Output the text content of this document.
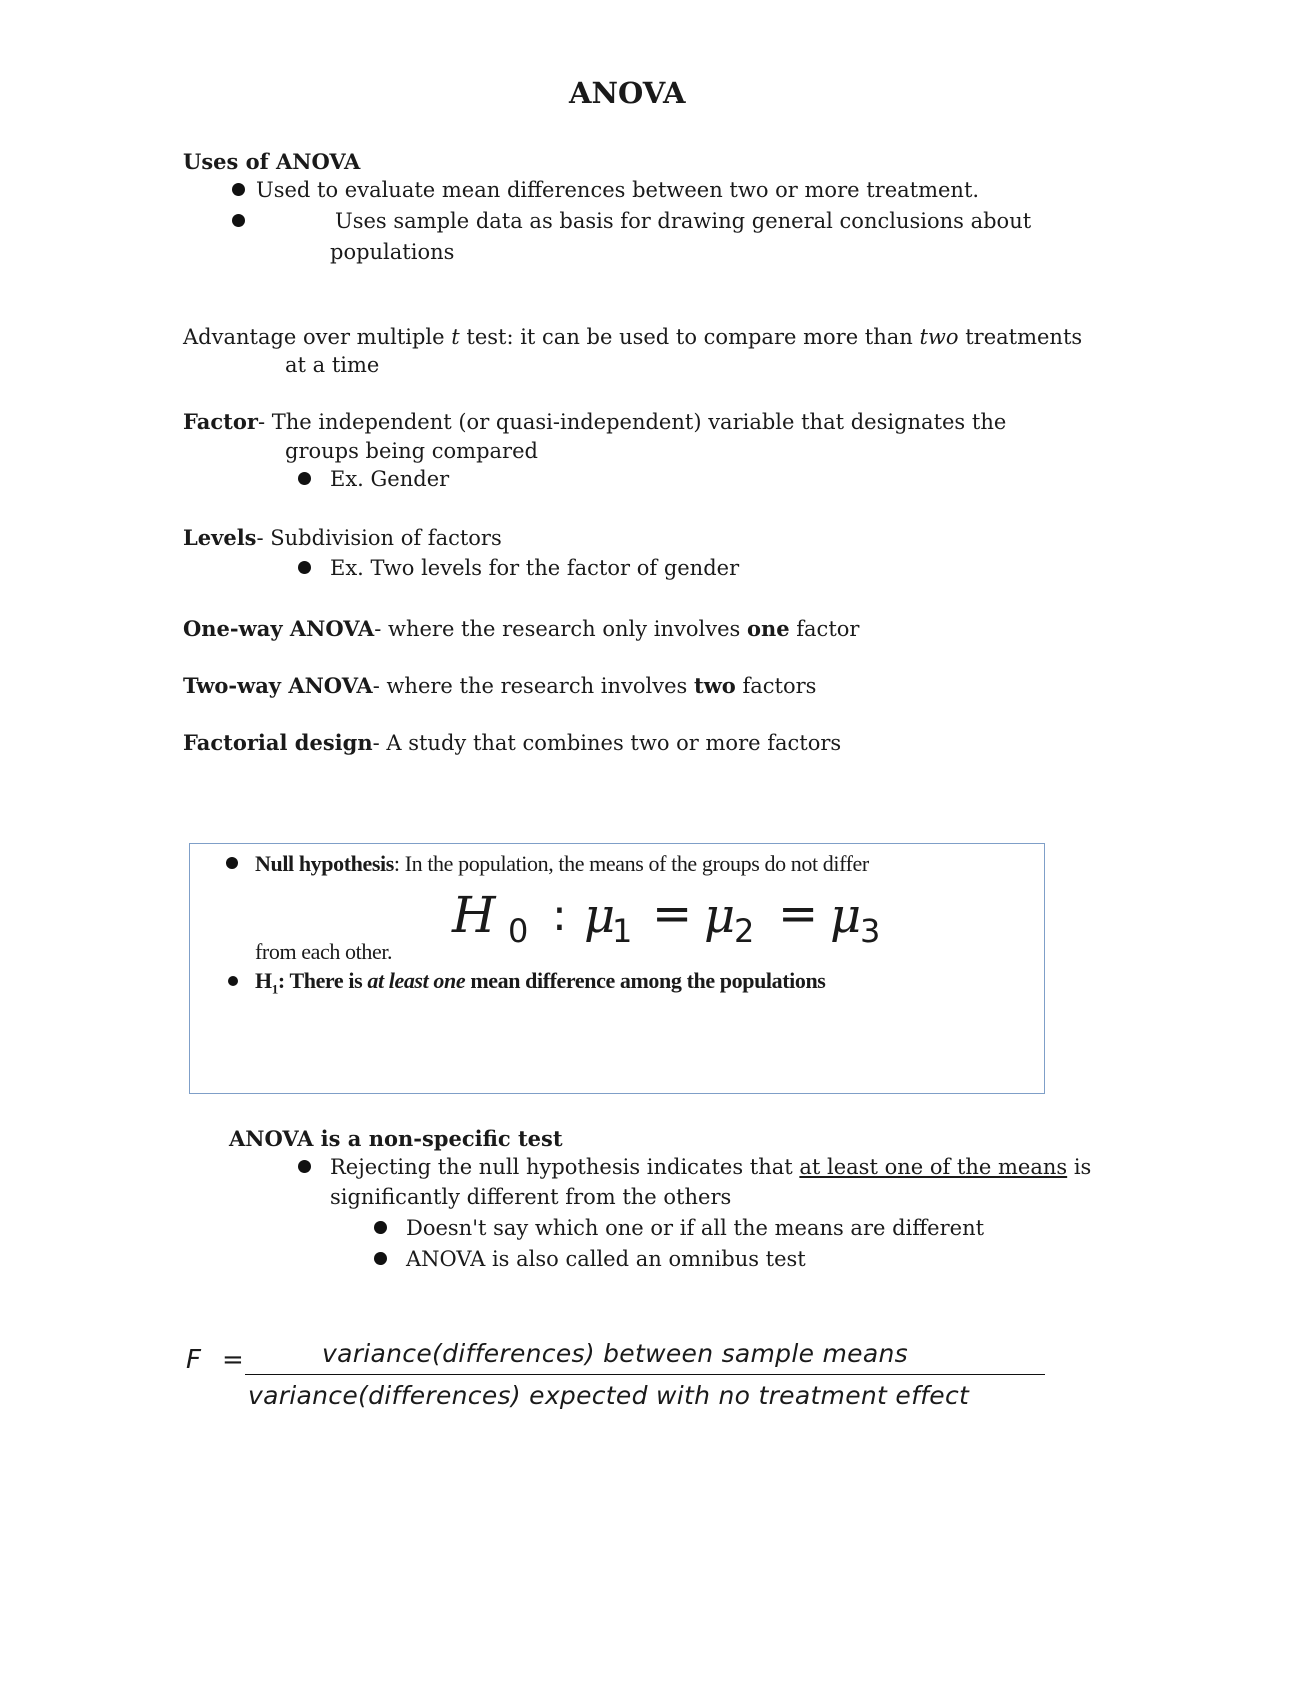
ANOVA
Uses of ANOVA
Used to evaluate mean differences between two or more treatment.
Uses sample data as basis for drawing general conclusions about
populations
Advantage over multiple t test: it can be used to compare more than two treatments
at a time
Factor- The independent (or quasi-independent) variable that designates the
groups being compared
Ex. Gender
Levels- Subdivision of factors
Ex. Two levels for the factor of gender
One-way ANOVA- where the research only involves one factor
Two-way ANOVA- where the research involves two factors
Factorial design- A study that combines two or more factors
Null hypothesis: In the population, the means of the groups do not differ
from each other.
H 0 : μ
1 = μ
2 = μ
3
$H_1$: There is at least one mean difference among the populations
ANOVA is a non-specific test
Rejecting the null hypothesis indicates that at least one of the means is
significantly different from the others
Doesn't say which one or if all the means are different
ANOVA is also called an omnibus test
F =	variance(differences) between sample means
variance(differences) expected with no treatment effect
